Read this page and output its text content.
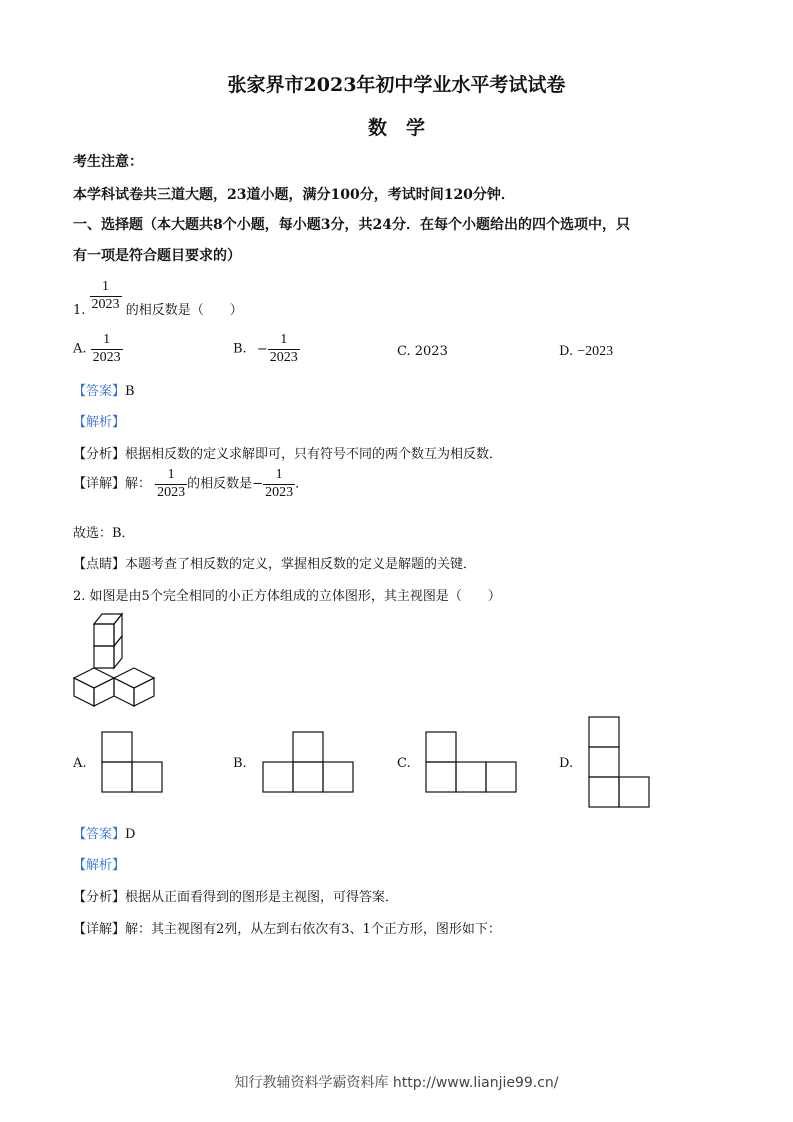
张家界市2023年初中学业水平考试试卷
数　学
考生注意：
本学科试卷共三道大题，23道小题，满分100分，考试时间120分钟．
一、选择题（本大题共8个小题，每小题3分，共24分．在每个小题给出的四个选项中，只
有一项是符合题目要求的）
1. $\frac{1}{2023}$ 的相反数是（　　）
A. $\frac{1}{2023}$	B. − $\frac{1}{2023}$	C. 2023	D. −2023
【答案】B
【解析】
【分析】根据相反数的定义求解即可，只有符号不同的两个数互为相反数．
【详解】解： $\frac{1}{2023}$ 的相反数是− $\frac{1}{2023}$ ．
故选：B．
【点睛】本题考查了相反数的定义，掌握相反数的定义是解题的关键．
2. 如图是由5个完全相同的小正方体组成的立体图形，其主视图是（　　）
A.	B.	C.	D.
【答案】D
【解析】
【分析】根据从正面看得到的图形是主视图，可得答案．
【详解】解：其主视图有2列，从左到右依次有3、1个正方形，图形如下：
知行教辅资料学霸资料库 http://www.lianjie99.cn/
